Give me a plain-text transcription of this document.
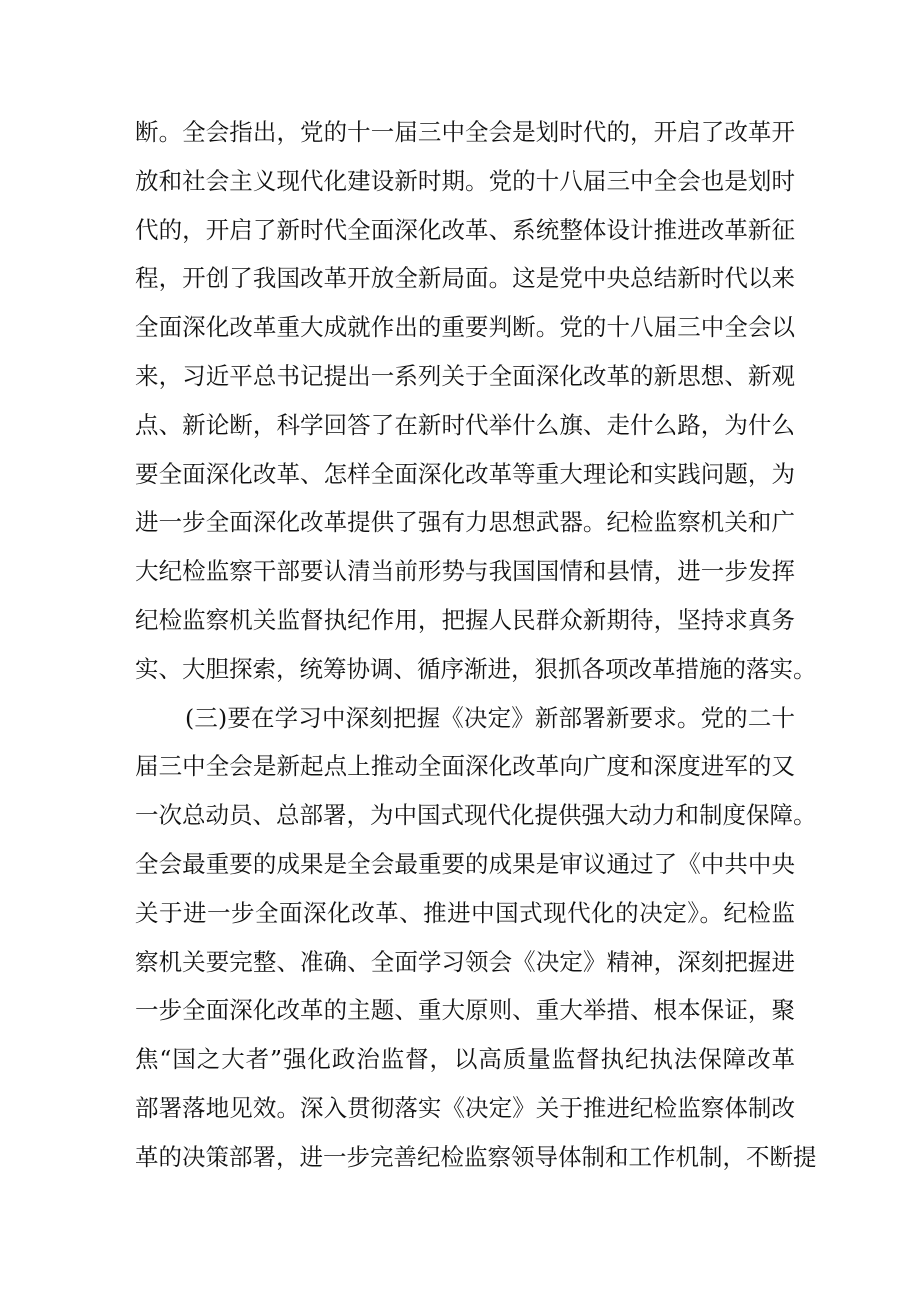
断。全会指出，党的十一届三中全会是划时代的，开启了改革开
放和社会主义现代化建设新时期。党的十八届三中全会也是划时
代的，开启了新时代全面深化改革、系统整体设计推进改革新征
程，开创了我国改革开放全新局面。这是党中央总结新时代以来
全面深化改革重大成就作出的重要判断。党的十八届三中全会以
来，习近平总书记提出一系列关于全面深化改革的新思想、新观
点、新论断，科学回答了在新时代举什么旗、走什么路，为什么
要全面深化改革、怎样全面深化改革等重大理论和实践问题，为
进一步全面深化改革提供了强有力思想武器。纪检监察机关和广
大纪检监察干部要认清当前形势与我国国情和县情，进一步发挥
纪检监察机关监督执纪作用，把握人民群众新期待，坚持求真务
实、大胆探索，统筹协调、循序渐进，狠抓各项改革措施的落实。
(三)要在学习中深刻把握《决定》新部署新要求。党的二十
届三中全会是新起点上推动全面深化改革向广度和深度进军的又
一次总动员、总部署，为中国式现代化提供强大动力和制度保障。
全会最重要的成果是全会最重要的成果是审议通过了《中共中央
关于进一步全面深化改革、推进中国式现代化的决定》。纪检监
察机关要完整、准确、全面学习领会《决定》精神，深刻把握进
一步全面深化改革的主题、重大原则、重大举措、根本保证，聚
焦“国之大者”强化政治监督，以高质量监督执纪执法保障改革
部署落地见效。深入贯彻落实《决定》关于推进纪检监察体制改
革的决策部署，进一步完善纪检监察领导体制和工作机制，不断提
